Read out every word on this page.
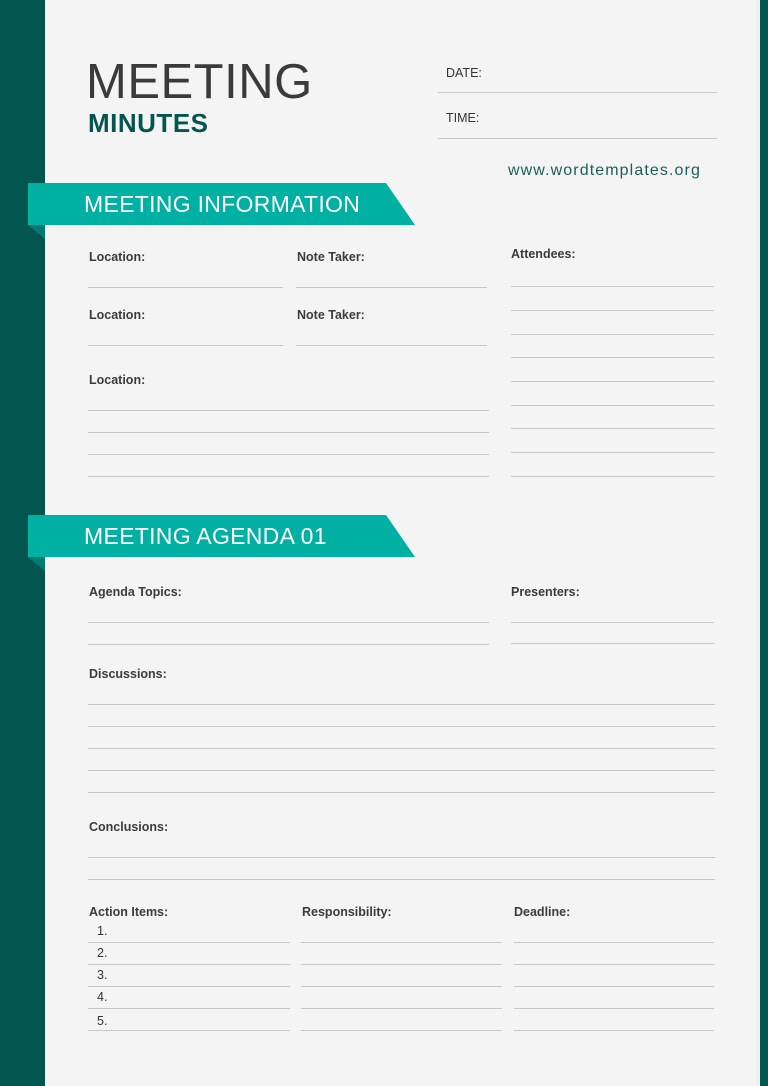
MEETING
MINUTES
DATE:
TIME:
www.wordtemplates.org
MEETING INFORMATION
Location:	Note Taker:
Location:	Note Taker:
Location:
Attendees:
MEETING AGENDA 01
Agenda Topics:	Presenters:
Discussions:
Conclusions:
Action Items:	Responsibility:	Deadline:
1.
2.
3.
4.
5.
